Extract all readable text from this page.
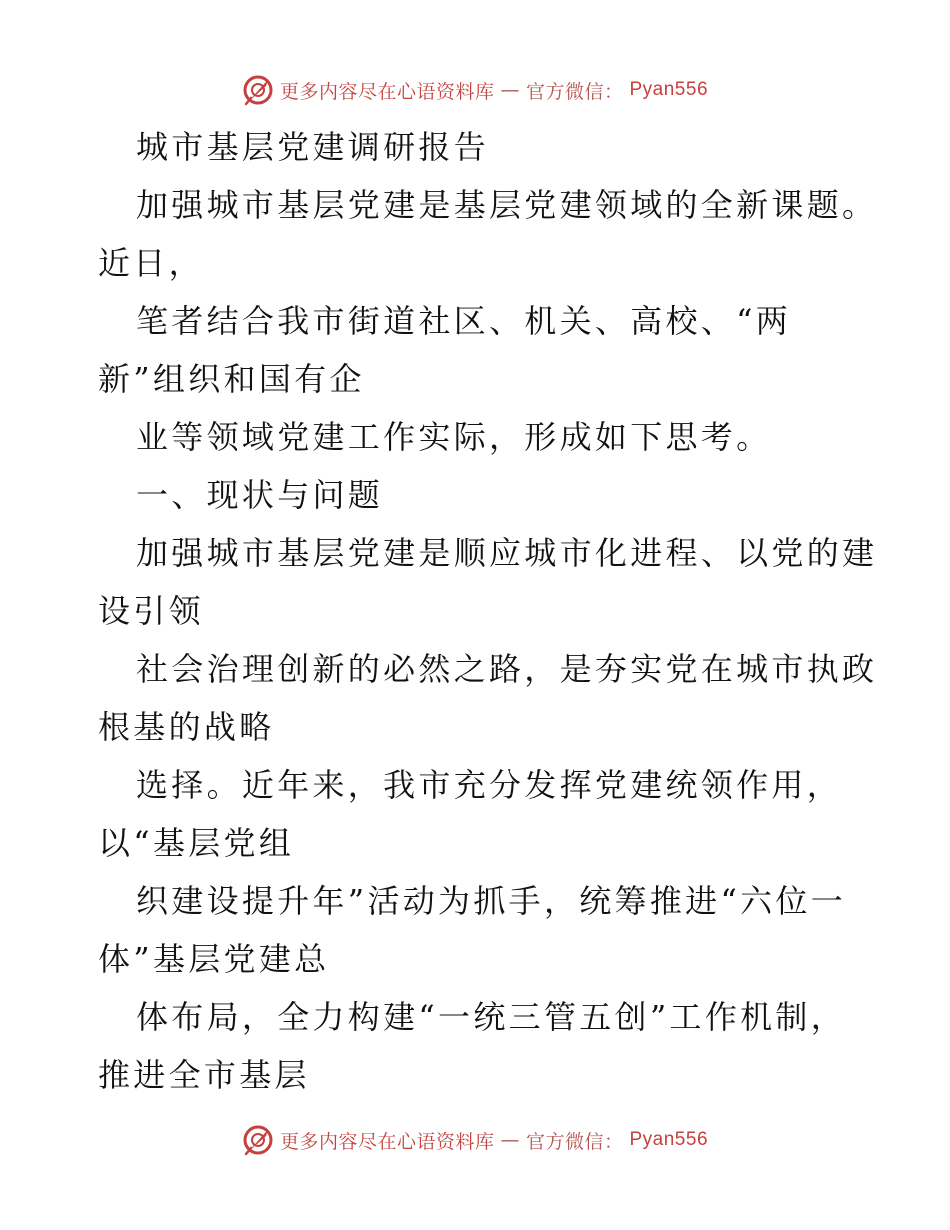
更多内容尽在心语资料库 — 官方微信： Pyan556
城市基层党建调研报告
加强城市基层党建是基层党建领域的全新课题。
近日，
笔者结合我市街道社区、机关、高校、“两
新”组织和国有企
业等领域党建工作实际，形成如下思考。
一、现状与问题
加强城市基层党建是顺应城市化进程、以党的建
设引领
社会治理创新的必然之路，是夯实党在城市执政
根基的战略
选择。近年来，我市充分发挥党建统领作用，
以“基层党组
织建设提升年”活动为抓手，统筹推进“六位一
体”基层党建总
体布局，全力构建“一统三管五创”工作机制，
推进全市基层
更多内容尽在心语资料库 — 官方微信： Pyan556
